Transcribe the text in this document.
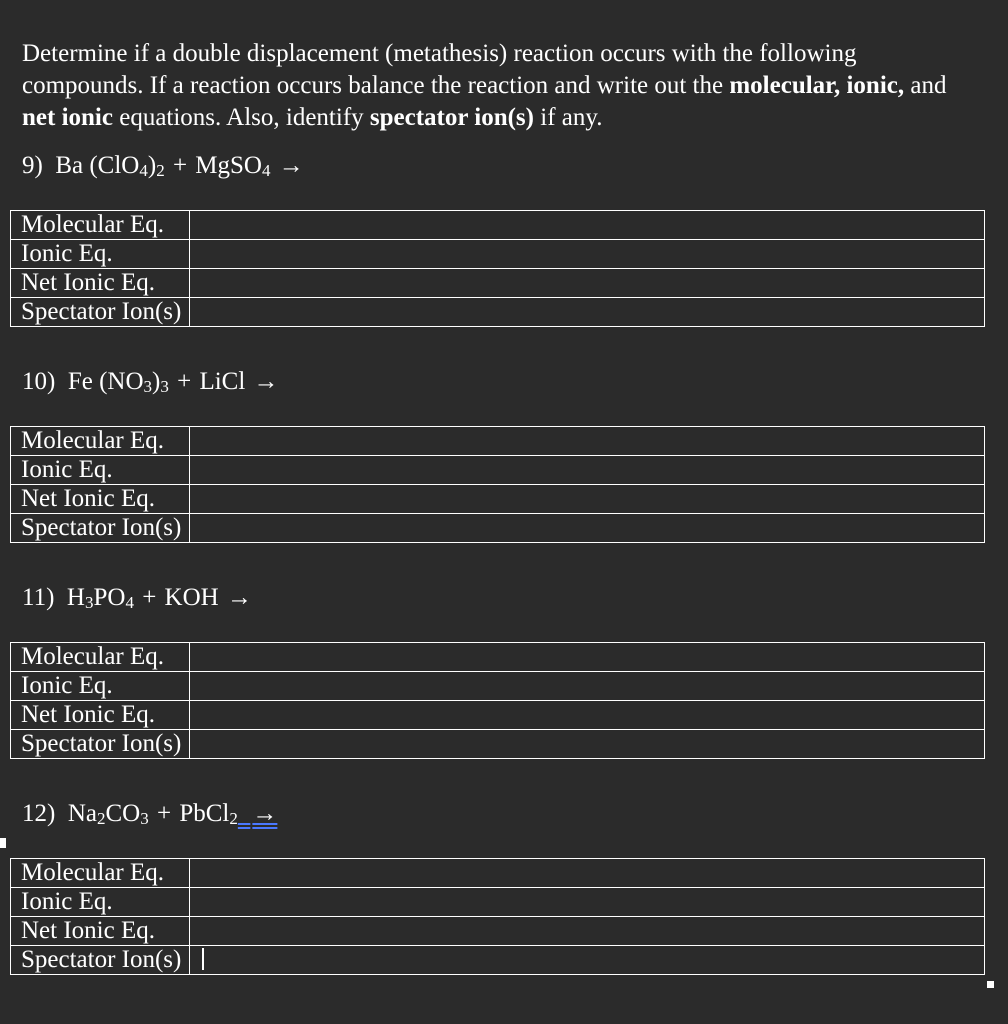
Determine if a double displacement (metathesis) reaction occurs with the following compounds. If a reaction occurs balance the reaction and write out the molecular, ionic, and net ionic equations. Also, identify spectator ion(s) if any.

9) Ba $(ClO_4)_2$ + MgSO$_4$ →
Molecular Eq.	
Ionic Eq.	
Net Ionic Eq.	
Spectator Ion(s)	
10) Fe $(NO_3)_3$ + LiCl →
Molecular Eq.	
Ionic Eq.	
Net Ionic Eq.	
Spectator Ion(s)	
11) $H_3PO_4$ + KOH →
Molecular Eq.	
Ionic Eq.	
Net Ionic Eq.	
Spectator Ion(s)	
12) $Na_2CO_3$ + PbCl$_2$ →
Molecular Eq.	
Ionic Eq.	
Net Ionic Eq.	
Spectator Ion(s)	
